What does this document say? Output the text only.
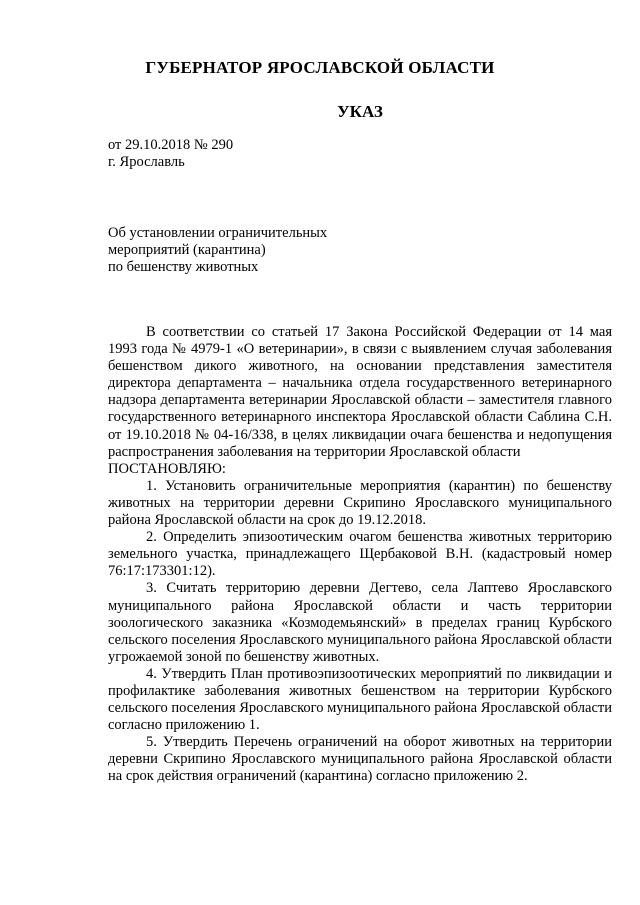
ГУБЕРНАТОР ЯРОСЛАВСКОЙ ОБЛАСТИ
УКАЗ
от 29.10.2018 № 290
г. Ярославль
Об установлении ограничительных
мероприятий (карантина)
по бешенству животных

В соответствии со статьей 17 Закона Российской Федерации от 14 мая 1993 года № 4979-1 «О ветеринарии», в связи с выявлением случая заболевания бешенством дикого животного, на основании представления заместителя директора департамента – начальника отдела государственного ветеринарного надзора департамента ветеринарии Ярославской области – заместителя главного государственного ветеринарного инспектора Ярославской области Саблина С.Н. от 19.10.2018 № 04-16/338, в целях ликвидации очага бешенства и недопущения распространения заболевания на территории Ярославской области

ПОСТАНОВЛЯЮ:

1. Установить ограничительные мероприятия (карантин) по бешенству животных на территории деревни Скрипино Ярославского муниципального района Ярославской области на срок до 19.12.2018.

2. Определить эпизоотическим очагом бешенства животных территорию земельного участка, принадлежащего Щербаковой В.Н. (кадастровый номер 76:17:173301:12).

3. Считать территорию деревни Дегтево, села Лаптево Ярославского муниципального района Ярославской области и часть территории зоологического заказника «Козмодемьянский» в пределах границ Курбского сельского поселения Ярославского муниципального района Ярославской области угрожаемой зоной по бешенству животных.

4. Утвердить План противоэпизоотических мероприятий по ликвидации и профилактике заболевания животных бешенством на территории Курбского сельского поселения Ярославского муниципального района Ярославской области согласно приложению 1.

5. Утвердить Перечень ограничений на оборот животных на территории деревни Скрипино Ярославского муниципального района Ярославской области на срок действия ограничений (карантина) согласно приложению 2.
